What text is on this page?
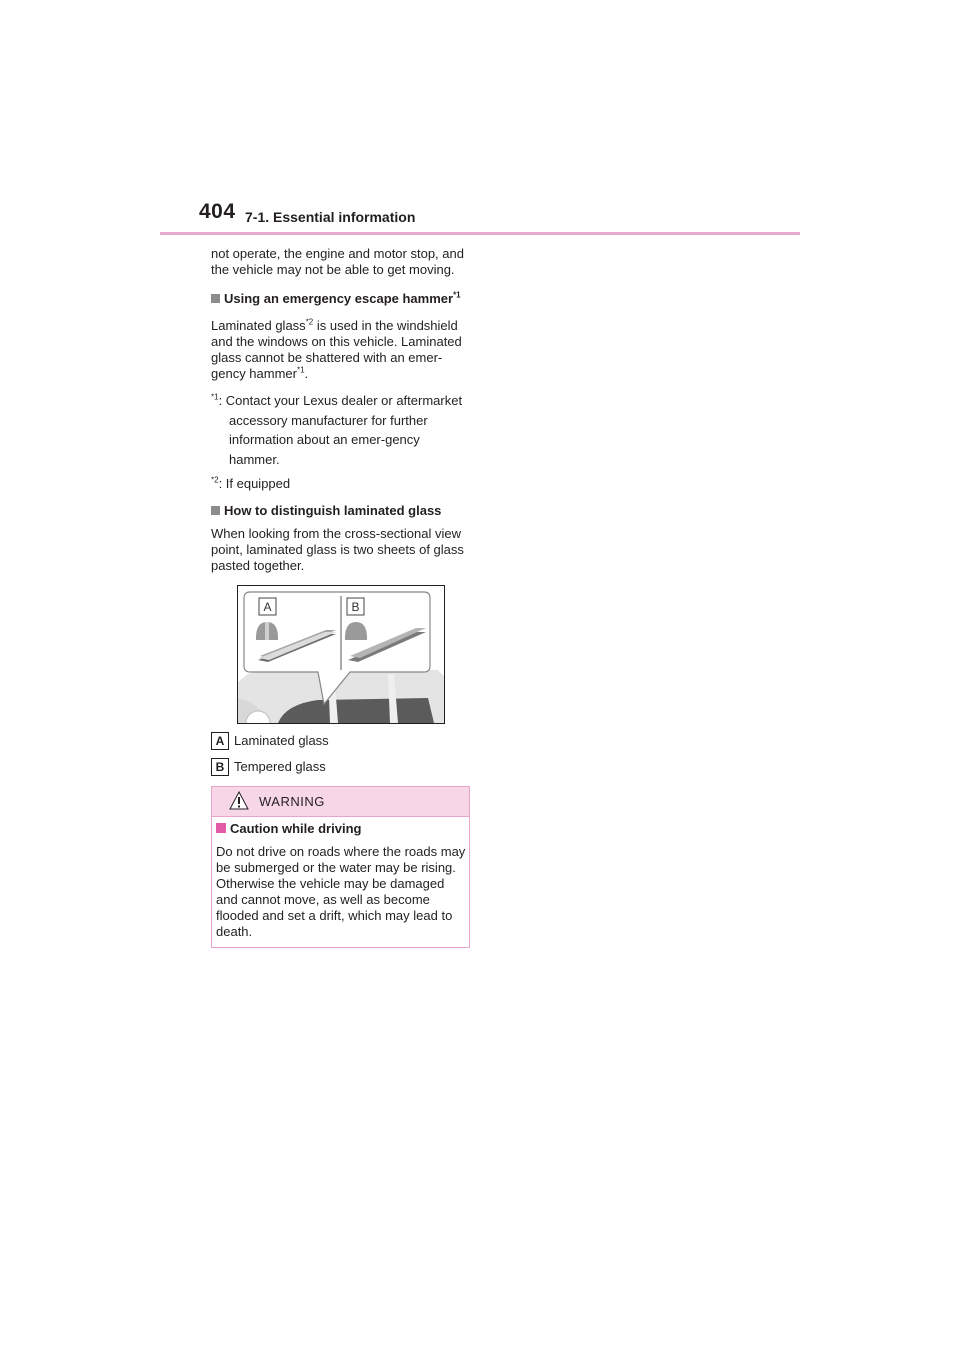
404 7-1. Essential information

not operate, the engine and motor stop, and the vehicle may not be able to get moving.

Using an emergency escape hammer$^{*1}$

Laminated glass$^{*2}$ is used in the windshield and the windows on this vehicle. Laminated glass cannot be shattered with an emer-gency hammer$^{*1}$.

$^{*1}$: Contact your Lexus dealer or aftermarket accessory manufacturer for further information about an emer-gency hammer.
$^{*2}$: If equipped
How to distinguish laminated glass

When looking from the cross-sectional view point, laminated glass is two sheets of glass pasted together.

A	B
A Laminated glass
B Tempered glass
WARNING
Caution while driving

Do not drive on roads where the roads may be submerged or the water may be rising. Otherwise the vehicle may be damaged and cannot move, as well as become flooded and set a drift, which may lead to death.
